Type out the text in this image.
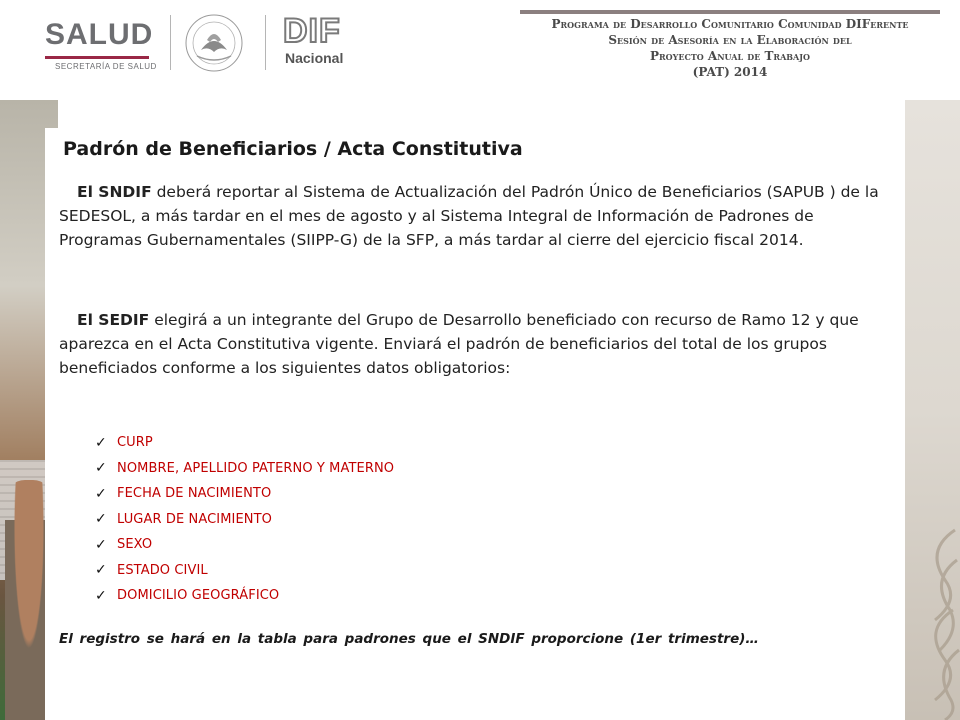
SALUD
SECRETARÍA DE SALUD
DIF
Nacional
Programa de Desarrollo Comunitario Comunidad DIFerente
Sesión de Asesoría en la Elaboración del
Proyecto Anual de Trabajo
(PAT) 2014
Padrón de Beneficiarios / Acta Constitutiva

El SNDIF deberá reportar al Sistema de Actualización del Padrón Único de Beneficiarios (SAPUB ) de la SEDESOL, a más tardar en el mes de agosto y al Sistema Integral de Información de Padrones de Programas Gubernamentales (SIIPP-G) de la SFP, a más tardar al cierre del ejercicio fiscal 2014.

El SEDIF elegirá a un integrante del Grupo de Desarrollo beneficiado con recurso de Ramo 12 y que aparezca en el Acta Constitutiva vigente. Enviará el padrón de beneficiarios del total de los grupos beneficiados conforme a los siguientes datos obligatorios:

✓ CURP
✓ NOMBRE, APELLIDO PATERNO Y MATERNO
✓ FECHA DE NACIMIENTO
✓ LUGAR DE NACIMIENTO
✓ SEXO
✓ ESTADO CIVIL
✓ DOMICILIO GEOGRÁFICO
El registro se hará en la tabla para padrones que el SNDIF proporcione (1er trimestre)…
